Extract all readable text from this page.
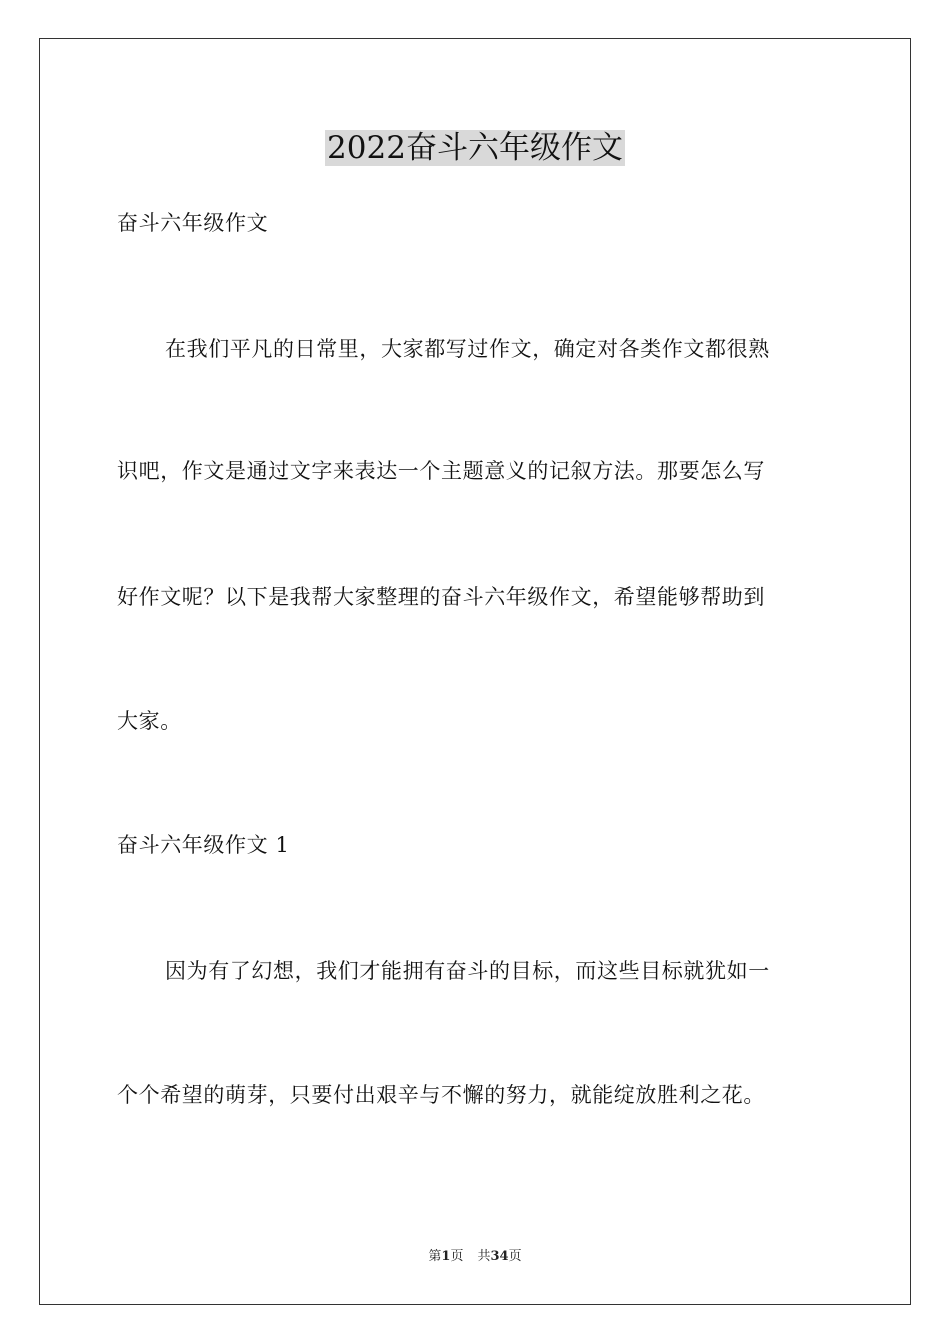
2022奋斗六年级作文
奋斗六年级作文
在我们平凡的日常里，大家都写过作文，确定对各类作文都很熟
识吧，作文是通过文字来表达一个主题意义的记叙方法。那要怎么写
好作文呢？以下是我帮大家整理的奋斗六年级作文，希望能够帮助到
大家。
奋斗六年级作文 1
因为有了幻想，我们才能拥有奋斗的目标，而这些目标就犹如一
个个希望的萌芽，只要付出艰辛与不懈的努力，就能绽放胜利之花。
第1页 共34页
